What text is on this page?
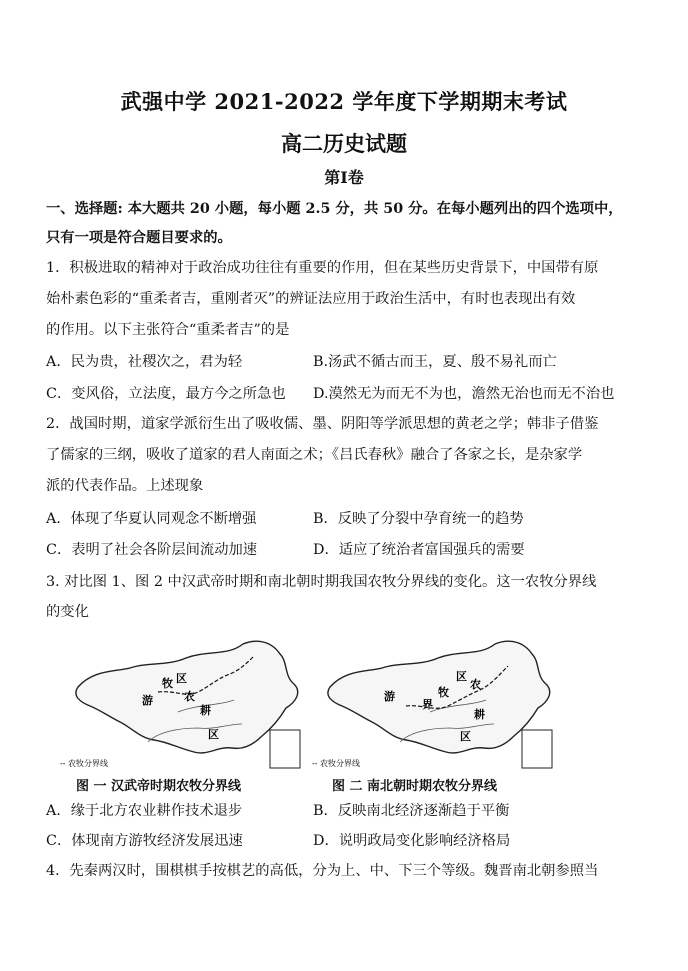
武强中学 2021-2022 学年度下学期期末考试
高二历史试题
第Ⅰ卷
一、选择题: 本大题共 20 小题，每小题 2.5 分，共 50 分。在每小题列出的四个选项中，
只有一项是符合题目要求的。
1．积极进取的精神对于政治成功往往有重要的作用，但在某些历史背景下，中国带有原
始朴素色彩的“重柔者吉，重刚者灭”的辨证法应用于政治生活中，有时也表现出有效
的作用。以下主张符合“重柔者吉”的是
A．民为贵，社稷次之，君为轻	B.汤武不循古而王，夏、殷不易礼而亡
C．变风俗，立法度，最方今之所急也 D.漠然无为而无不为也，澹然无治也而无不治也
2．战国时期，道家学派衍生出了吸收儒、墨、阴阳等学派思想的黄老之学；韩非子借鉴
了儒家的三纲，吸收了道家的君人南面之术；《吕氏春秋》融合了各家之长，是杂家学
派的代表作品。上述现象
A．体现了华夏认同观念不断增强	B．反映了分裂中孕育统一的趋势
C．表明了社会各阶层间流动加速	D．适应了统治者富国强兵的需要
3. 对比图 1、图 2 中汉武帝时期和南北朝时期我国农牧分界线的变化。这一农牧分界线
的变化
牧 区
农
游
耕
区
-- 农牧分界线
图 一 汉武帝时期农牧分界线
游
区
农
牧
界
耕
区
-- 农牧分界线
图 二 南北朝时期农牧分界线
A．缘于北方农业耕作技术退步	B．反映南北经济逐渐趋于平衡
C．体现南方游牧经济发展迅速	D．说明政局变化影响经济格局
4．先秦两汉时，围棋棋手按棋艺的高低，分为上、中、下三个等级。魏晋南北朝参照当
